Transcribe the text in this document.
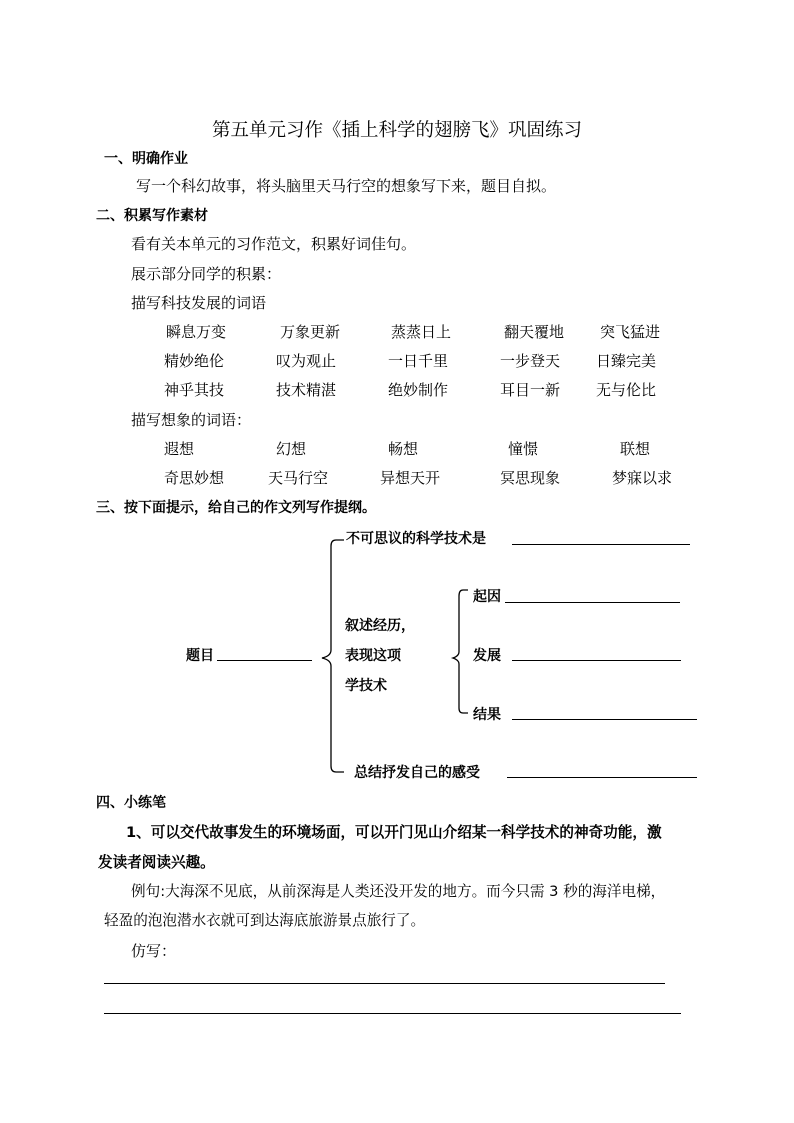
第五单元习作《插上科学的翅膀飞》巩固练习
一、明确作业
写一个科幻故事，将头脑里天马行空的想象写下来，题目自拟。
二、积累写作素材
看有关本单元的习作范文，积累好词佳句。
展示部分同学的积累：
描写科技发展的词语
瞬息万变	万象更新	蒸蒸日上	翻天覆地 突飞猛进
精妙绝伦	叹为观止	一日千里	一步登天 日臻完美
神乎其技	技术精湛	绝妙制作	耳目一新 无与伦比
描写想象的词语：
遐想	幻想	畅想	憧憬	联想
奇思妙想	天马行空	异想天开	冥思现象	梦寐以求
三、按下面提示，给自己的作文列写作提纲。
题目
不可思议的科学技术是
叙述经历，
表现这项
学技术
起因
发展
结果
总结抒发自己的感受
四、小练笔
1、可以交代故事发生的环境场面，可以开门见山介绍某一科学技术的神奇功能，激
发读者阅读兴趣。
例句:大海深不见底，从前深海是人类还没开发的地方。而今只需 3 秒的海洋电梯，
轻盈的泡泡潜水衣就可到达海底旅游景点旅行了。
仿写：
